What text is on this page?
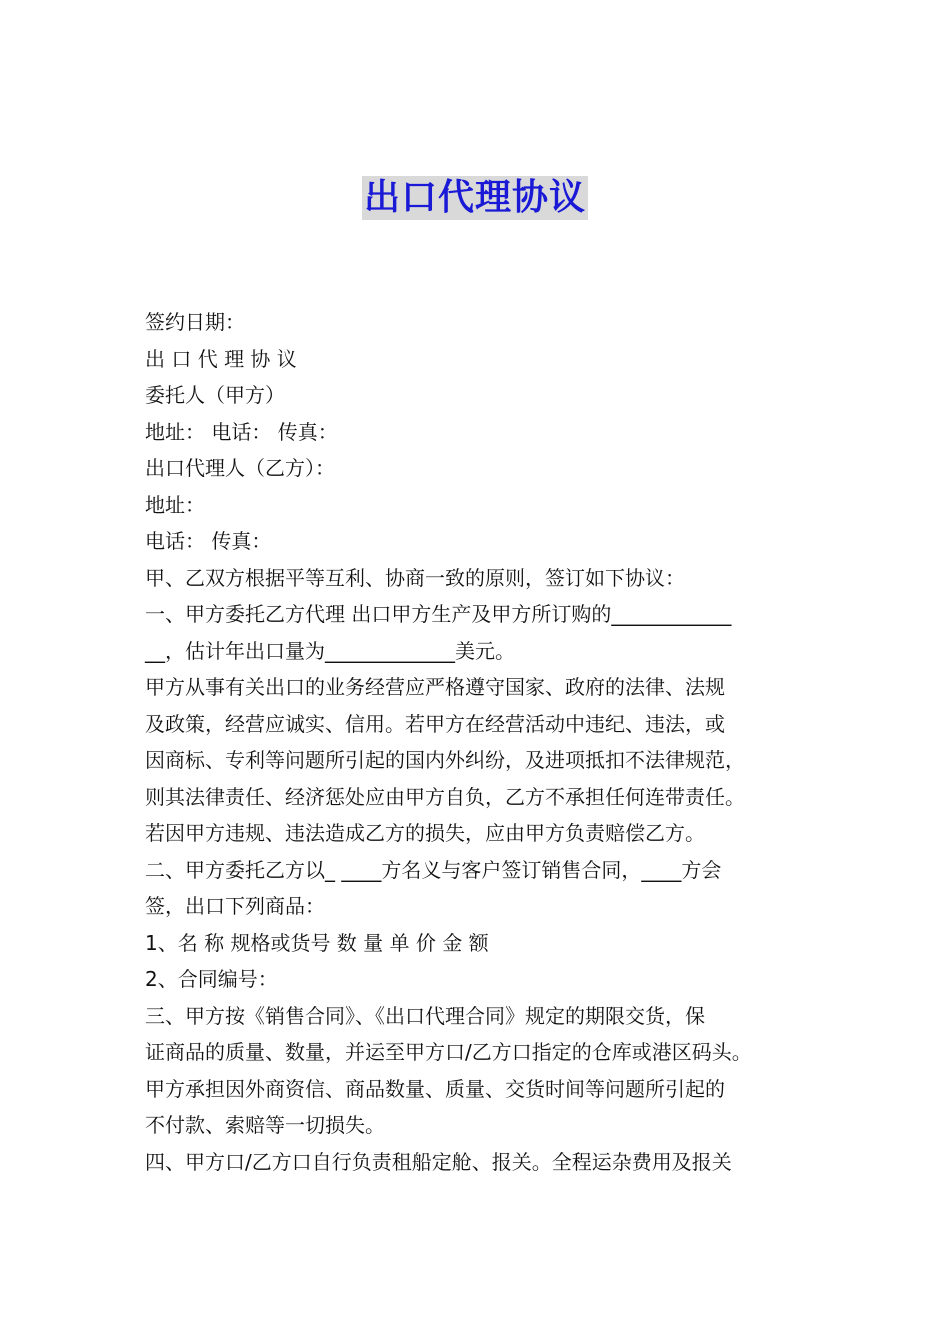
出口代理协议
签约日期：
出 口 代 理 协 议
委托人（甲方）
地址： 电话： 传真：
出口代理人（乙方）：
地址：
电话： 传真：
甲、乙双方根据平等互利、协商一致的原则，签订如下协议：
一、甲方委托乙方代理 出口甲方生产及甲方所订购的____________
__，估计年出口量为_____________美元。
甲方从事有关出口的业务经营应严格遵守国家、政府的法律、法规
及政策，经营应诚实、信用。若甲方在经营活动中违纪、违法，或
因商标、专利等问题所引起的国内外纠纷，及进项抵扣不法律规范，
则其法律责任、经济惩处应由甲方自负，乙方不承担任何连带责任。
若因甲方违规、违法造成乙方的损失，应由甲方负责赔偿乙方。
二、甲方委托乙方以_ ____方名义与客户签订销售合同，____方会
签，出口下列商品：
1、名 称 规格或货号 数 量 单 价 金 额
2、合同编号：
三、甲方按《销售合同》、《出口代理合同》规定的期限交货，保
证商品的质量、数量，并运至甲方口/乙方口指定的仓库或港区码头。
甲方承担因外商资信、商品数量、质量、交货时间等问题所引起的
不付款、索赔等一切损失。
四、甲方口/乙方口自行负责租船定舱、报关。全程运杂费用及报关
